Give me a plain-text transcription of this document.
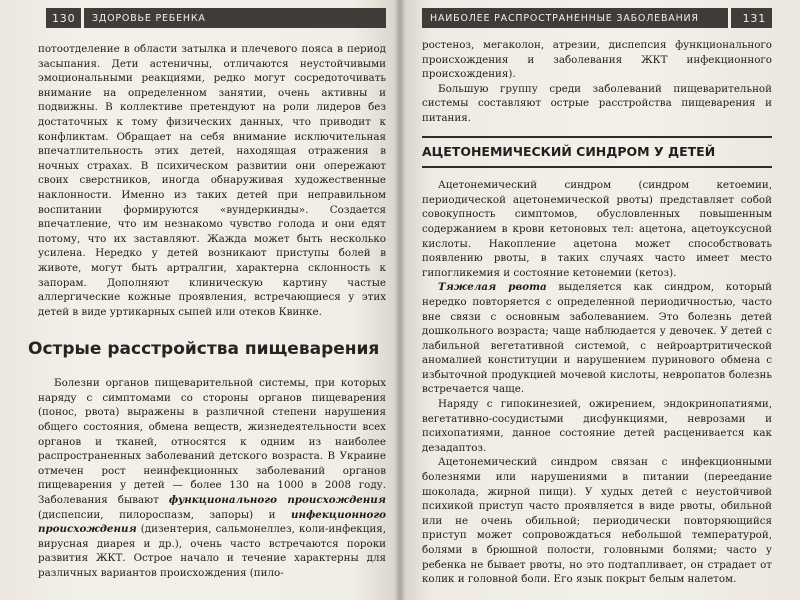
130	ЗДОРОВЬЕ РЕБЕНКА

потоотделение в области затылка и плечевого пояса в период засыпания. Дети астеничны, отличаются неустойчивыми эмоциональными реакциями, редко могут сосредоточивать внимание на определенном занятии, очень активны и подвижны. В коллективе претендуют на роли лидеров без достаточных к тому физических данных, что приводит к конфликтам. Обращает на себя внимание исключительная впечатлительность этих детей, находящая отражения в ночных страхах. В психическом развитии они опережают своих сверстников, иногда обнаруживая художественные наклонности. Именно из таких детей при неправильном воспитании формируются «вундеркинды». Создается впечатление, что им незнакомо чувство голода и они едят потому, что их заставляют. Жажда может быть несколько усилена. Нередко у детей возникают приступы болей в животе, могут быть артралгии, характерна склонность к запорам. Дополняют клиническую картину частые аллергические кожные проявления, встречающиеся у этих детей в виде уртикарных сыпей или отеков Квинке.

Острые расстройства пищеварения

Болезни органов пищеварительной системы, при которых наряду с симптомами со стороны органов пищеварения (понос, рвота) выражены в различной степени нарушения общего состояния, обмена веществ, жизнедеятельности всех органов и тканей, относятся к одним из наиболее распространенных заболеваний детского возраста. В Украине отмечен рост неинфекционных заболеваний органов пищеварения у детей — более 130 на 1000 в 2008 году. Заболевания бывают функционального происхождения (диспепсии, пилороспазм, запоры) и инфекционного происхождения (дизентерия, сальмонеллез, коли-инфекция, вирусная диарея и др.), очень часто встречаются пороки развития ЖКТ. Острое начало и течение характерны для различных вариантов происхождения (пило-

НАИБОЛЕЕ РАСПРОСТРАНЕННЫЕ ЗАБОЛЕВАНИЯ	131

ростеноз, мегаколон, атрезии, диспепсия функционального происхождения и заболевания ЖКТ инфекционного происхождения).

Большую группу среди заболеваний пищеварительной системы составляют острые расстройства пищеварения и питания.

АЦЕТОНЕМИЧЕСКИЙ СИНДРОМ У ДЕТЕЙ

Ацетонемический синдром (синдром кетоемии, периодической ацетонемической рвоты) представляет собой совокупность симптомов, обусловленных повышенным содержанием в крови кетоновых тел: ацетона, ацетоуксусной кислоты. Накопление ацетона может способствовать появлению рвоты, в таких случаях часто имеет место гипогликемия и состояние кетонемии (кетоз).

Тяжелая рвота выделяется как синдром, который нередко повторяется с определенной периодичностью, часто вне связи с основным заболеванием. Это болезнь детей дошкольного возраста; чаще наблюдается у девочек. У детей с лабильной вегетативной системой, с нейроартритической аномалией конституции и нарушением пуринового обмена с избыточной продукцией мочевой кислоты, невропатов болезнь встречается чаще.

Наряду с гипокинезией, ожирением, эндокринопатиями, вегетативно-сосудистыми дисфункциями, неврозами и психопатиями, данное состояние детей расценивается как дезадаптоз.

Ацетонемический синдром связан с инфекционными болезнями или нарушениями в питании (переедание шоколада, жирной пищи). У худых детей с неустойчивой психикой приступ часто проявляется в виде рвоты, обильной или не очень обильной; периодически повторяющийся приступ может сопровождаться небольшой температурой, болями в брюшной полости, головными болями; часто у ребенка не бывает рвоты, но это подтапливает, он страдает от колик и головной боли. Его язык покрыт белым налетом.
